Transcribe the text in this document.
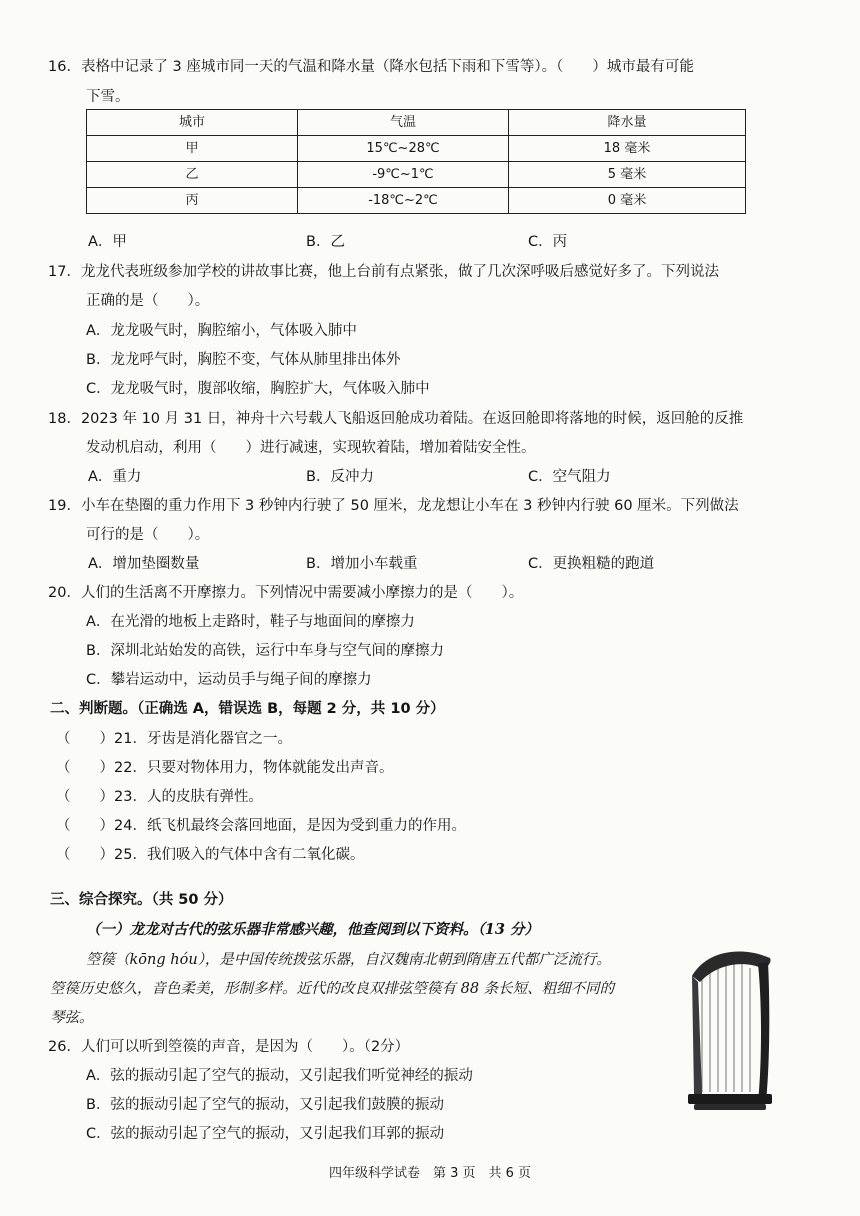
16．表格中记录了 3 座城市同一天的气温和降水量（降水包括下雨和下雪等）。（　　）城市最有可能
下雪。
城市	气温	降水量
甲	15℃~28℃	18 毫米
乙	-9℃~1℃	5 毫米
丙	-18℃~2℃	0 毫米
A．甲	B．乙	C．丙
17．龙龙代表班级参加学校的讲故事比赛，他上台前有点紧张，做了几次深呼吸后感觉好多了。下列说法
正确的是（　　）。
A．龙龙吸气时，胸腔缩小，气体吸入肺中
B．龙龙呼气时，胸腔不变，气体从肺里排出体外
C．龙龙吸气时，腹部收缩，胸腔扩大，气体吸入肺中
18．2023 年 10 月 31 日，神舟十六号载人飞船返回舱成功着陆。在返回舱即将落地的时候，返回舱的反推
发动机启动，利用（　　）进行减速，实现软着陆，增加着陆安全性。
A．重力	B．反冲力	C．空气阻力
19．小车在垫圈的重力作用下 3 秒钟内行驶了 50 厘米，龙龙想让小车在 3 秒钟内行驶 60 厘米。下列做法
可行的是（　　）。
A．增加垫圈数量	B．增加小车载重	C．更换粗糙的跑道
20．人们的生活离不开摩擦力。下列情况中需要减小摩擦力的是（　　）。
A．在光滑的地板上走路时，鞋子与地面间的摩擦力
B．深圳北站始发的高铁，运行中车身与空气间的摩擦力
C．攀岩运动中，运动员手与绳子间的摩擦力
二、判断题。（正确选 A，错误选 B，每题 2 分，共 10 分）
（　　）21．牙齿是消化器官之一。
（　　）22．只要对物体用力，物体就能发出声音。
（　　）23．人的皮肤有弹性。
（　　）24．纸飞机最终会落回地面，是因为受到重力的作用。
（　　）25．我们吸入的气体中含有二氧化碳。
三、综合探究。（共 50 分）
（一）龙龙对古代的弦乐器非常感兴趣，他查阅到以下资料。（13 分）
箜篌（kōng hóu），是中国传统拨弦乐器，自汉魏南北朝到隋唐五代都广泛流行。
箜篌历史悠久，音色柔美，形制多样。近代的改良双排弦箜篌有 88 条长短、粗细不同的
琴弦。
26．人们可以听到箜篌的声音，是因为（　　）。（2分）
A．弦的振动引起了空气的振动，又引起我们听觉神经的振动
B．弦的振动引起了空气的振动，又引起我们鼓膜的振动
C．弦的振动引起了空气的振动，又引起我们耳郭的振动
四年级科学试卷　第 3 页　共 6 页
